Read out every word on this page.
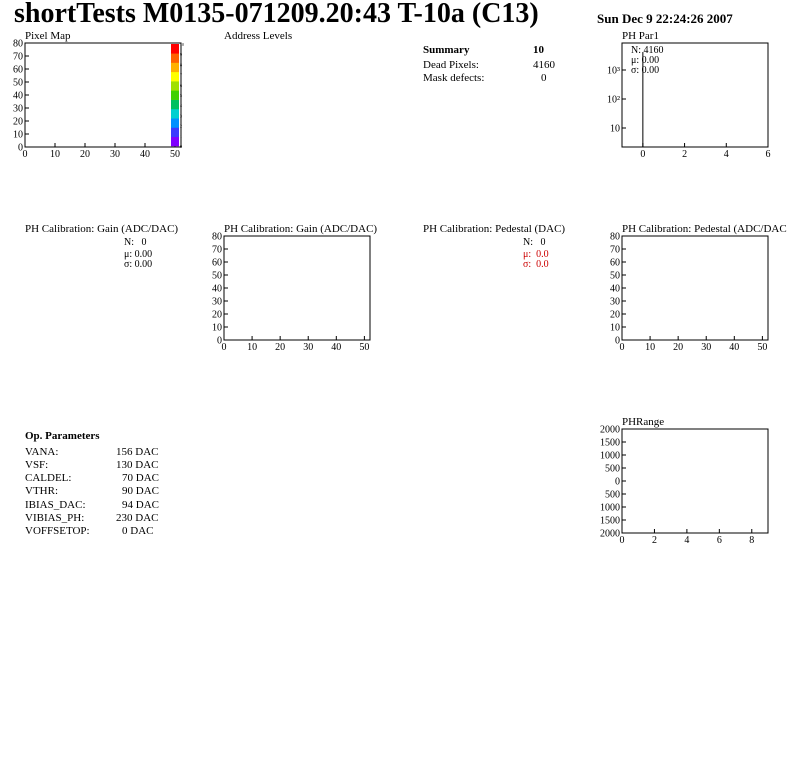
shortTests M0135-071209.20:43 T-10a (C13)	Sun Dec 9 22:24:26 2007
Pixel Map	Address Levels	PH Par1
PH Calibration: Gain (ADC/DAC)	PH Calibration: Gain (ADC/DAC)	PH Calibration: Pedestal (DAC)	PH Calibration: Pedestal (ADC/DAC
PHRange
Summary	10
Dead Pixels:	4160
Mask defects:	0
N: 0
μ: 0.00
σ: 0.00
N: 0
μ: 0.0
σ: 0.0
Op. Parameters
VANA:	156 DAC
VSF:	130 DAC
CALDEL:	70 DAC
VTHR:	90 DAC
IBIAS_DAC:	94 DAC
VIBIAS_PH:	230 DAC
VOFFSETOP:	0 DAC
0 10 20 30 40 50
0
10
20
30
40
50
60
70
80
0
1
2
3
4
5
6
7
8
9
10
0	2	4	6
10
10²
10³
N: 4160
μ: 0.00
σ: 0.00
0 10 20 30 40 50
0
10
20
30
40
50
60
70
80
0 10 20 30 40 50
0
10
20
30
40
50
60
70
80
0	2	4	6	8
2000
1500
1000
500
0
500
1000
1500
2000
